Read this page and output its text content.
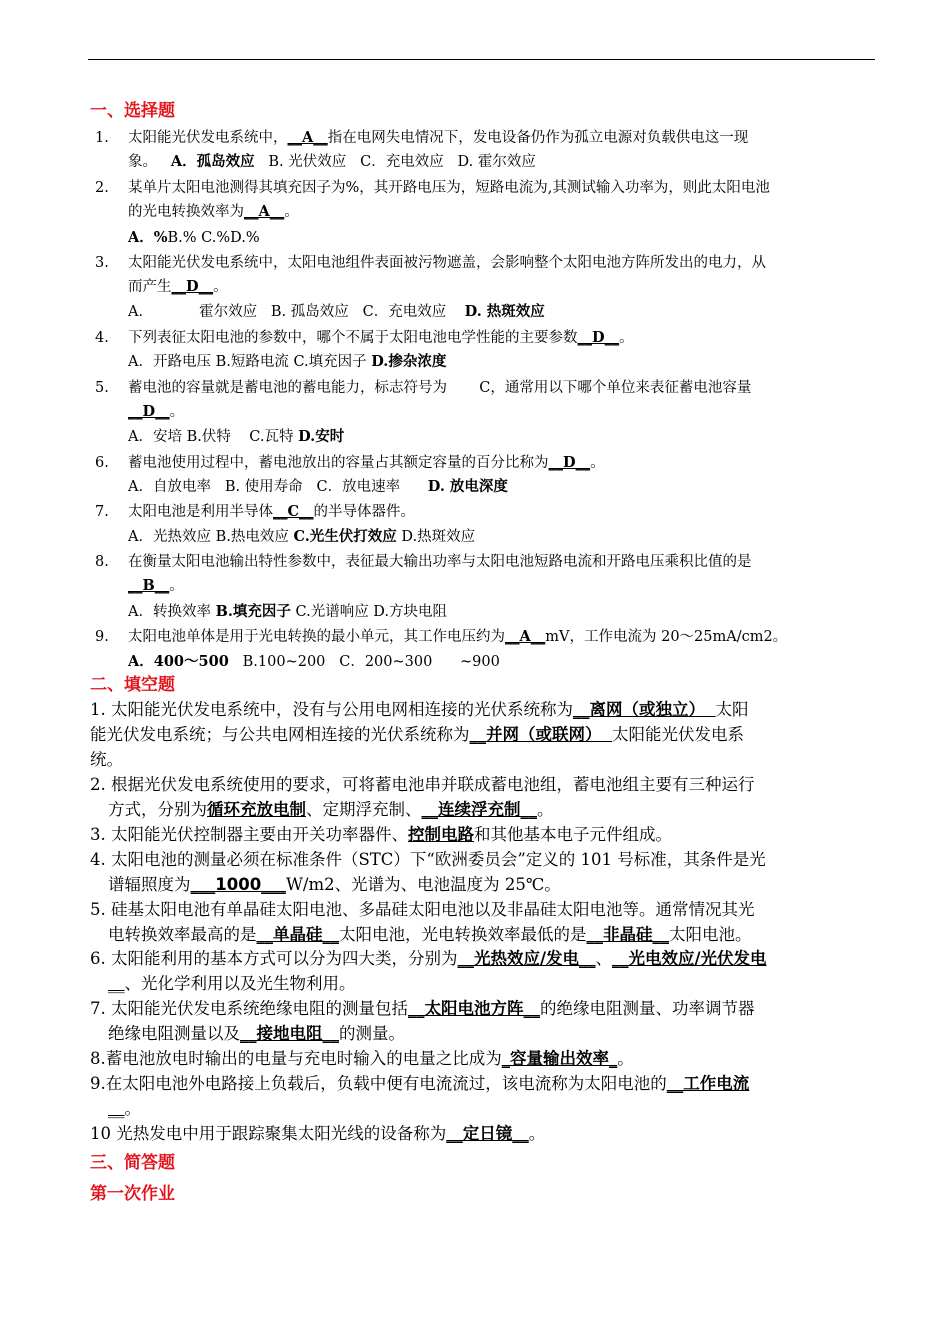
一、选择题
1. 太阳能光伏发电系统中，__A__指在电网失电情况下，发电设备仍作为孤立电源对负载供电这一现
象。 A．孤岛效应 B. 光伏效应 C．充电效应 D. 霍尔效应
2. 某单片太阳电池测得其填充因子为%，其开路电压为，短路电流为,其测试输入功率为，则此太阳电池
的光电转换效率为__A__。
A．%B.% C.%D.%
3. 太阳能光伏发电系统中，太阳电池组件表面被污物遮盖，会影响整个太阳电池方阵所发出的电力，从
而产生__D__。
A．	霍尔效应 B. 孤岛效应 C．充电效应 D. 热斑效应
4. 下列表征太阳电池的参数中，哪个不属于太阳电池电学性能的主要参数__D__。
A．开路电压 B.短路电流 C.填充因子 D.掺杂浓度
5. 蓄电池的容量就是蓄电池的蓄电能力，标志符号为 C，通常用以下哪个单位来表征蓄电池容量
__D__。
A．安培 B.伏特    C.瓦特 D.安时
6. 蓄电池使用过程中，蓄电池放出的容量占其额定容量的百分比称为__D__。
A．自放电率 B. 使用寿命 C．放电速率 D. 放电深度
7. 太阳电池是利用半导体__C__的半导体器件。
A．光热效应 B.热电效应 C.光生伏打效应 D.热斑效应
8. 在衡量太阳电池输出特性参数中，表征最大输出功率与太阳电池短路电流和开路电压乘积比值的是
__B__。
A．转换效率 B.填充因子 C.光谱响应 D.方块电阻
9. 太阳电池单体是用于光电转换的最小单元，其工作电压约为__A__mV，工作电流为 20～25mA/cm2。
A．400～500 B.100~200 C．200~300 ~900
二、填空题
1. 太阳能光伏发电系统中，没有与公用电网相连接的光伏系统称为__离网（或独立） 太阳
能光伏发电系统；与公共电网相连接的光伏系统称为__并网（或联网） 太阳能光伏发电系
统。
2. 根据光伏发电系统使用的要求，可将蓄电池串并联成蓄电池组，蓄电池组主要有三种运行
方式，分别为循环充放电制、定期浮充制、__连续浮充制__。
3. 太阳能光伏控制器主要由开关功率器件、控制电路和其他基本电子元件组成。
4. 太阳电池的测量必须在标准条件（STC）下“欧洲委员会”定义的 101 号标准，其条件是光
谱辐照度为___1000___W/m2、光谱为、电池温度为 25℃。
5. 硅基太阳电池有单晶硅太阳电池、多晶硅太阳电池以及非晶硅太阳电池等。通常情况其光
电转换效率最高的是__单晶硅__太阳电池，光电转换效率最低的是__非晶硅__太阳电池。
6. 太阳能利用的基本方式可以分为四大类，分别为__光热效应/发电__、__光电效应/光伏发电
__、光化学利用以及光生物利用。
7. 太阳能光伏发电系统绝缘电阻的测量包括__太阳电池方阵__的绝缘电阻测量、功率调节器
绝缘电阻测量以及__接地电阻__的测量。
8.蓄电池放电时输出的电量与充电时输入的电量之比成为_容量输出效率_。
9.在太阳电池外电路接上负载后，负载中便有电流流过，该电流称为太阳电池的__工作电流
__。
10 光热发电中用于跟踪聚集太阳光线的设备称为__定日镜__。
三、简答题
第一次作业
